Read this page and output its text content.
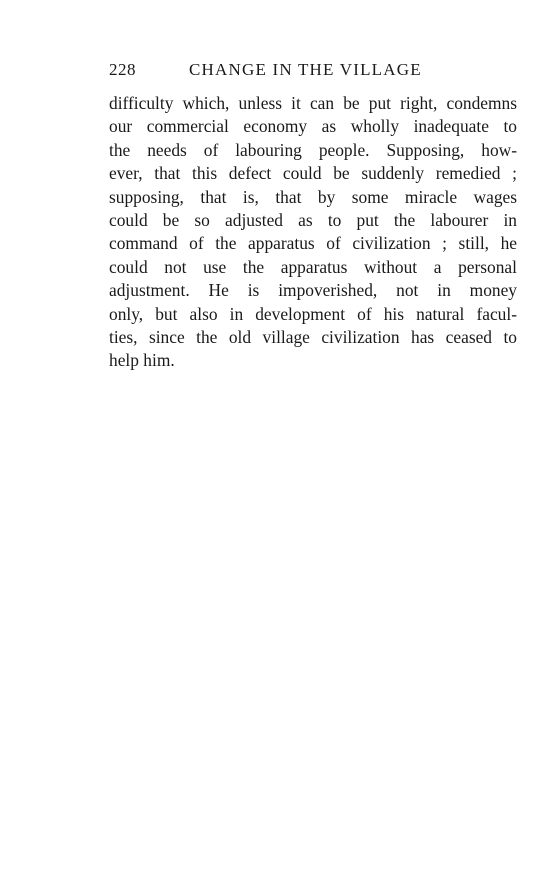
228	CHANGE IN THE VILLAGE
difficulty which, unless it can be put right, condemns
our commercial economy as wholly inadequate to
the needs of labouring people. Supposing, how-
ever, that this defect could be suddenly remedied ;
supposing, that is, that by some miracle wages
could be so adjusted as to put the labourer in
command of the apparatus of civilization ; still, he
could not use the apparatus without a personal
adjustment. He is impoverished, not in money
only, but also in development of his natural facul-
ties, since the old village civilization has ceased to
help him.
